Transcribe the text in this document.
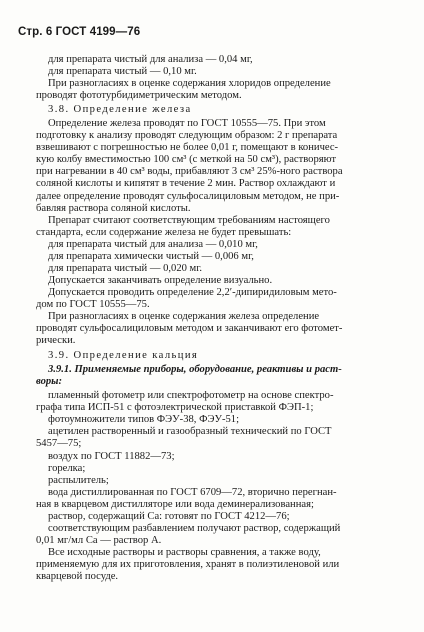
Стр. 6 ГОСТ 4199—76
для препарата чистый для анализа — 0,04 мг,
для препарата чистый — 0,10 мг.
При разногласиях в оценке содержания хлоридов определение
проводят фототурбидиметрическим методом.
3.8. Определение железа
Определение железа проводят по ГОСТ 10555—75. При этом
подготовку к анализу проводят следующим образом: 2 г препарата
взвешивают с погрешностью не более 0,01 г, помещают в коничес-
кую колбу вместимостью 100 см³ (с меткой на 50 см³), растворяют
при нагревании в 40 см³ воды, прибавляют 3 см³ 25%-ного раствора
соляной кислоты и кипятят в течение 2 мин. Раствор охлаждают и
далее определение проводят сульфосалициловым методом, не при-
бавляя раствора соляной кислоты.
Препарат считают соответствующим требованиям настоящего
стандарта, если содержание железа не будет превышать:
для препарата чистый для анализа — 0,010 мг,
для препарата химически чистый — 0,006 мг,
для препарата чистый — 0,020 мг.
Допускается заканчивать определение визуально.
Допускается проводить определение 2,2′-дипиридиловым мето-
дом по ГОСТ 10555—75.
При разногласиях в оценке содержания железа определение
проводят сульфосалициловым методом и заканчивают его фотомет-
рически.
3.9. Определение кальция
3.9.1. Применяемые приборы, оборудование, реактивы и раст-
воры:
пламенный фотометр или спектрофотометр на основе спектро-
графа типа ИСП-51 с фотоэлектрической приставкой ФЭП-1;
фотоумножители типов ФЭУ-38, ФЭУ-51;
ацетилен растворенный и газообразный технический по ГОСТ
5457—75;
воздух по ГОСТ 11882—73;
горелка;
распылитель;
вода дистиллированная по ГОСТ 6709—72, вторично перегнан-
ная в кварцевом дистилляторе или вода деминерализованная;
раствор, содержащий Са: готовят по ГОСТ 4212—76;
соответствующим разбавлением получают раствор, содержащий
0,01 мг/мл Са — раствор А.
Все исходные растворы и растворы сравнения, а также воду,
применяемую для их приготовления, хранят в полиэтиленовой или
кварцевой посуде.
